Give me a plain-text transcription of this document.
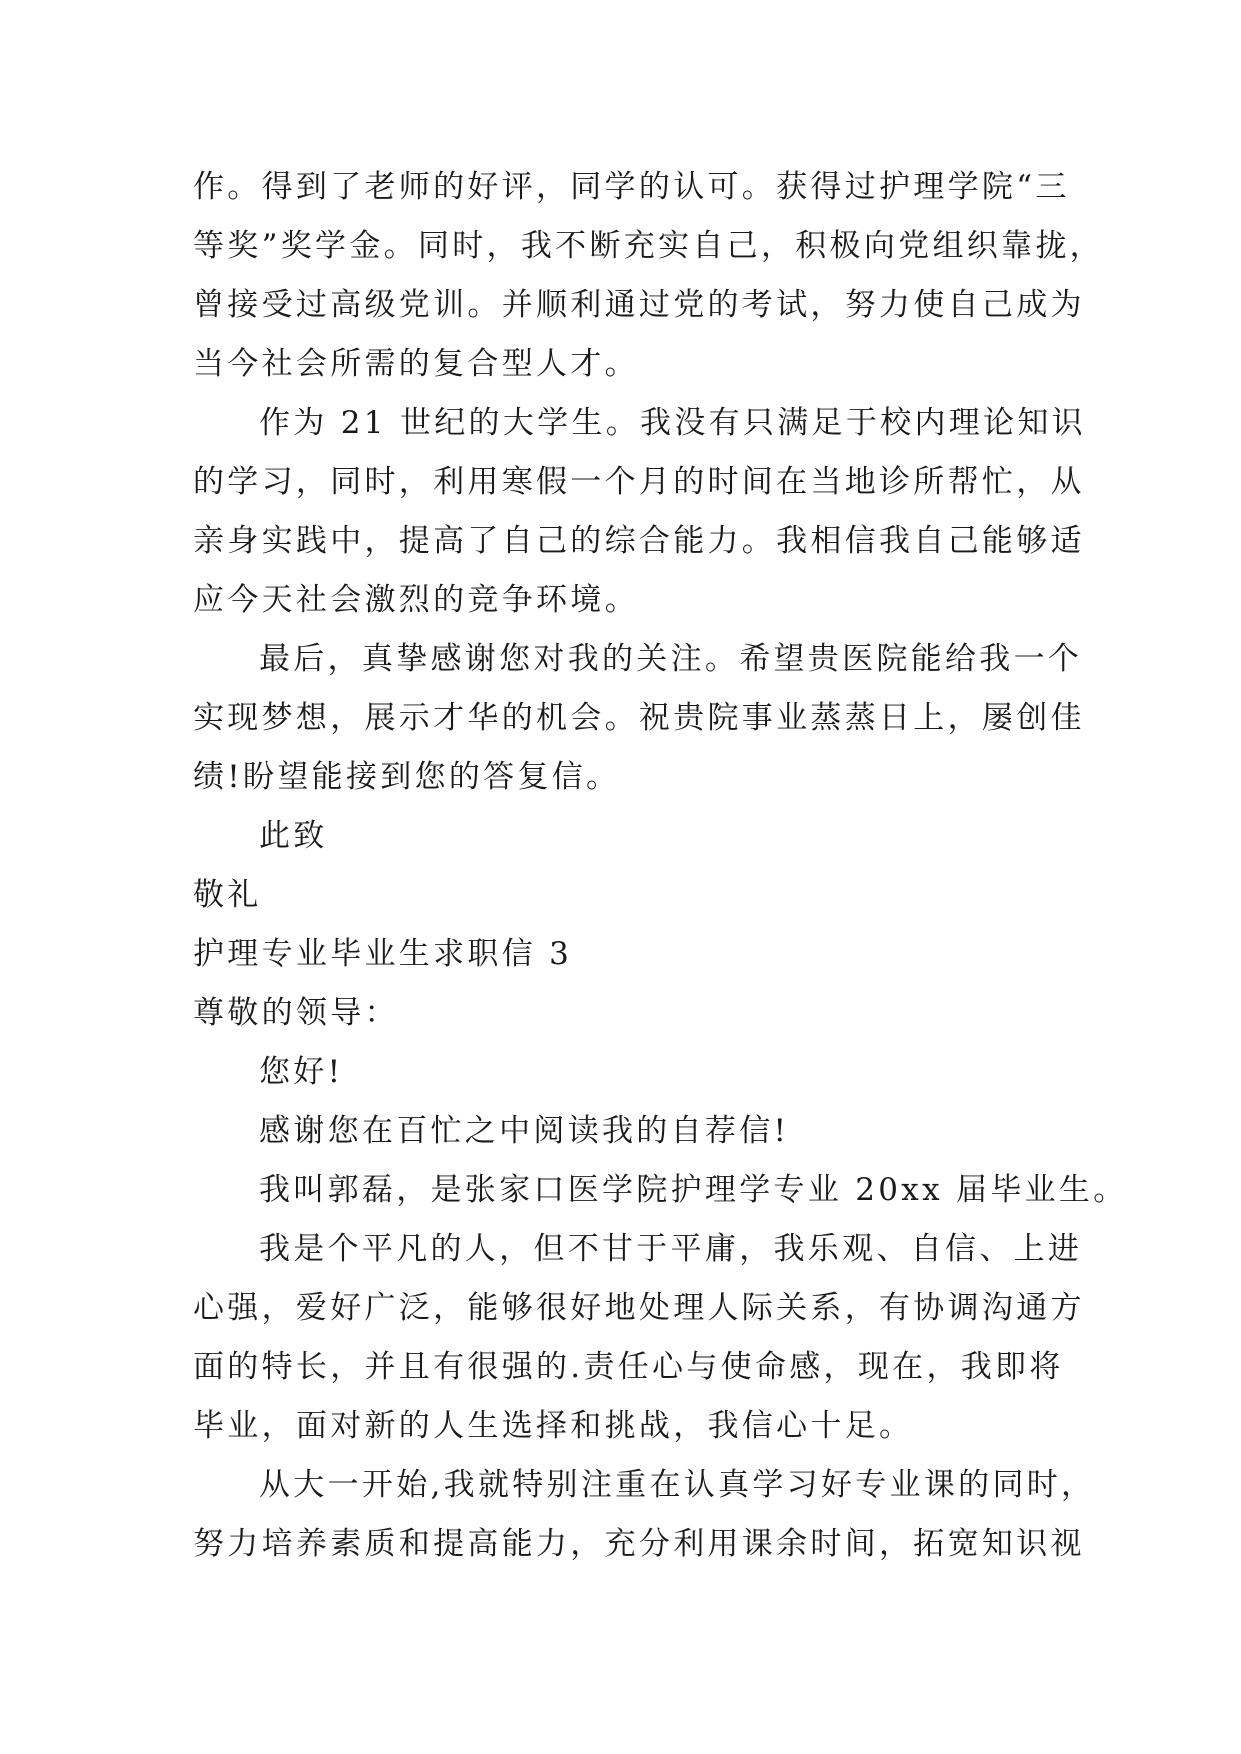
作。得到了老师的好评，同学的认可。获得过护理学院“三
等奖”奖学金。同时，我不断充实自己，积极向党组织靠拢，
曾接受过高级党训。并顺利通过党的考试，努力使自己成为
当今社会所需的复合型人才。
作为 21 世纪的大学生。我没有只满足于校内理论知识
的学习，同时，利用寒假一个月的时间在当地诊所帮忙，从
亲身实践中，提高了自己的综合能力。我相信我自己能够适
应今天社会激烈的竞争环境。
最后，真挚感谢您对我的关注。希望贵医院能给我一个
实现梦想，展示才华的机会。祝贵院事业蒸蒸日上，屡创佳
绩!盼望能接到您的答复信。
此致
敬礼
护理专业毕业生求职信 3
尊敬的领导：
您好!
感谢您在百忙之中阅读我的自荐信!
我叫郭磊，是张家口医学院护理学专业 20xx 届毕业生。
我是个平凡的人，但不甘于平庸，我乐观、自信、上进
心强，爱好广泛，能够很好地处理人际关系，有协调沟通方
面的特长，并且有很强的.责任心与使命感，现在，我即将
毕业，面对新的人生选择和挑战，我信心十足。
从大一开始,我就特别注重在认真学习好专业课的同时，
努力培养素质和提高能力，充分利用课余时间，拓宽知识视
